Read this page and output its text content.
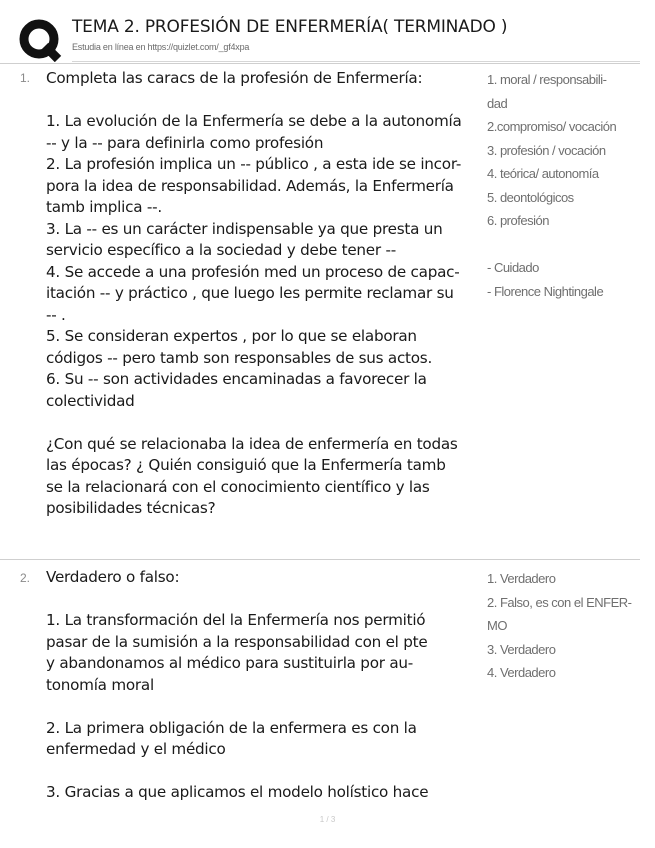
TEMA 2. PROFESIÓN DE ENFERMERÍA( TERMINADO )
Estudia en línea en https://quizlet.com/_gf4xpa
1. Completa las caracs de la profesión de Enfermería:
1. La evolución de la Enfermería se debe a la autonomía
-- y la -- para definirla como profesión
2. La profesión implica un -- público , a esta ide se incor-
pora la idea de responsabilidad. Además, la Enfermería
tamb implica --.
3. La -- es un carácter indispensable ya que presta un
servicio específico a la sociedad y debe tener --
4. Se accede a una profesión med un proceso de capac-
itación -- y práctico , que luego les permite reclamar su
-- .
5. Se consideran expertos , por lo que se elaboran
códigos -- pero tamb son responsables de sus actos.
6. Su -- son actividades encaminadas a favorecer la
colectividad
¿Con qué se relacionaba la idea de enfermería en todas
las épocas? ¿ Quién consiguió que la Enfermería tamb
se la relacionará con el conocimiento científico y las
posibilidades técnicas?
1. moral / responsabili-
dad
2.compromiso/ vocación
3. profesión / vocación
4. teórica/ autonomía
5. deontológicos
6. profesión
- Cuidado
- Florence Nightingale
2. Verdadero o falso:
1. La transformación del la Enfermería nos permitió
pasar de la sumisión a la responsabilidad con el pte
y abandonamos al médico para sustituirla por au-
tonomía moral
2. La primera obligación de la enfermera es con la
enfermedad y el médico
3. Gracias a que aplicamos el modelo holístico hace
1. Verdadero
2. Falso, es con el ENFER-
MO
3. Verdadero
4. Verdadero
1 / 3
